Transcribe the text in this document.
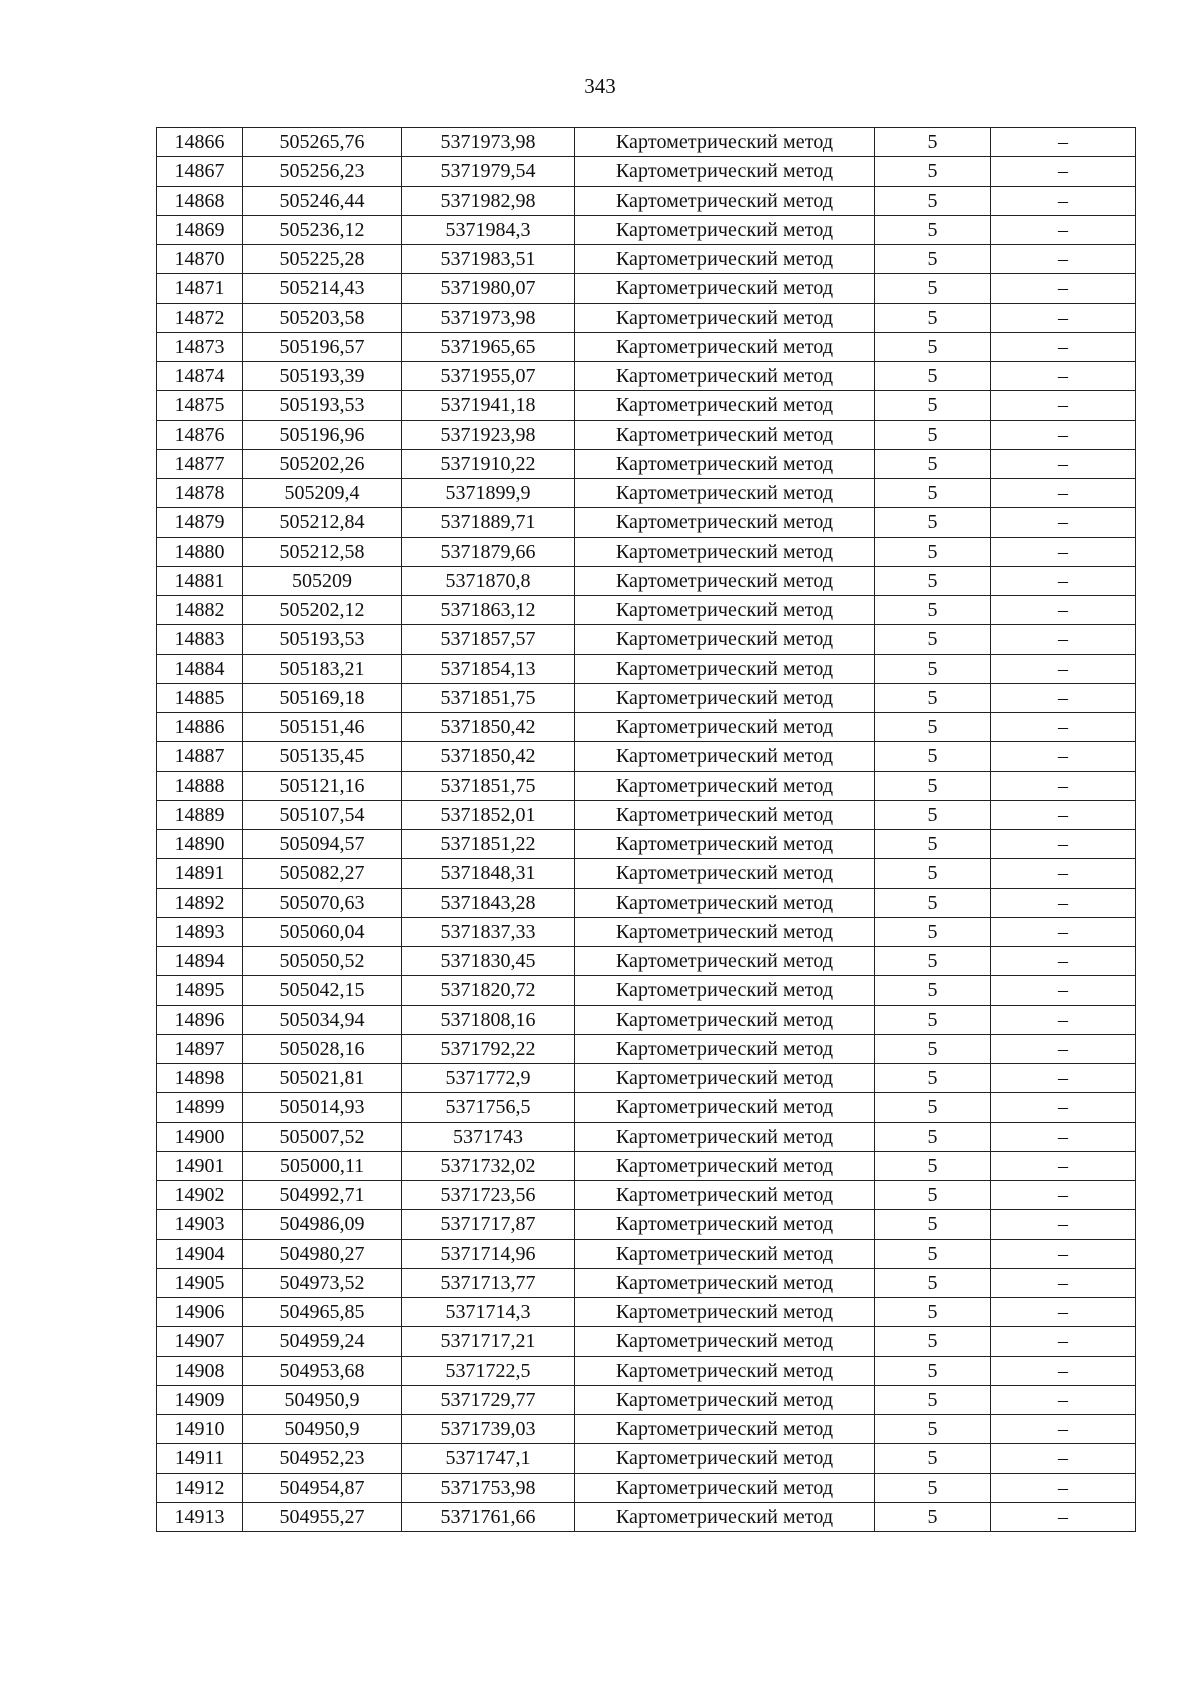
343
14866	505265,76	5371973,98	Картометрический метод	5	–
14867	505256,23	5371979,54	Картометрический метод	5	–
14868	505246,44	5371982,98	Картометрический метод	5	–
14869	505236,12	5371984,3	Картометрический метод	5	–
14870	505225,28	5371983,51	Картометрический метод	5	–
14871	505214,43	5371980,07	Картометрический метод	5	–
14872	505203,58	5371973,98	Картометрический метод	5	–
14873	505196,57	5371965,65	Картометрический метод	5	–
14874	505193,39	5371955,07	Картометрический метод	5	–
14875	505193,53	5371941,18	Картометрический метод	5	–
14876	505196,96	5371923,98	Картометрический метод	5	–
14877	505202,26	5371910,22	Картометрический метод	5	–
14878	505209,4	5371899,9	Картометрический метод	5	–
14879	505212,84	5371889,71	Картометрический метод	5	–
14880	505212,58	5371879,66	Картометрический метод	5	–
14881	505209	5371870,8	Картометрический метод	5	–
14882	505202,12	5371863,12	Картометрический метод	5	–
14883	505193,53	5371857,57	Картометрический метод	5	–
14884	505183,21	5371854,13	Картометрический метод	5	–
14885	505169,18	5371851,75	Картометрический метод	5	–
14886	505151,46	5371850,42	Картометрический метод	5	–
14887	505135,45	5371850,42	Картометрический метод	5	–
14888	505121,16	5371851,75	Картометрический метод	5	–
14889	505107,54	5371852,01	Картометрический метод	5	–
14890	505094,57	5371851,22	Картометрический метод	5	–
14891	505082,27	5371848,31	Картометрический метод	5	–
14892	505070,63	5371843,28	Картометрический метод	5	–
14893	505060,04	5371837,33	Картометрический метод	5	–
14894	505050,52	5371830,45	Картометрический метод	5	–
14895	505042,15	5371820,72	Картометрический метод	5	–
14896	505034,94	5371808,16	Картометрический метод	5	–
14897	505028,16	5371792,22	Картометрический метод	5	–
14898	505021,81	5371772,9	Картометрический метод	5	–
14899	505014,93	5371756,5	Картометрический метод	5	–
14900	505007,52	5371743	Картометрический метод	5	–
14901	505000,11	5371732,02	Картометрический метод	5	–
14902	504992,71	5371723,56	Картометрический метод	5	–
14903	504986,09	5371717,87	Картометрический метод	5	–
14904	504980,27	5371714,96	Картометрический метод	5	–
14905	504973,52	5371713,77	Картометрический метод	5	–
14906	504965,85	5371714,3	Картометрический метод	5	–
14907	504959,24	5371717,21	Картометрический метод	5	–
14908	504953,68	5371722,5	Картометрический метод	5	–
14909	504950,9	5371729,77	Картометрический метод	5	–
14910	504950,9	5371739,03	Картометрический метод	5	–
14911	504952,23	5371747,1	Картометрический метод	5	–
14912	504954,87	5371753,98	Картометрический метод	5	–
14913	504955,27	5371761,66	Картометрический метод	5	–
